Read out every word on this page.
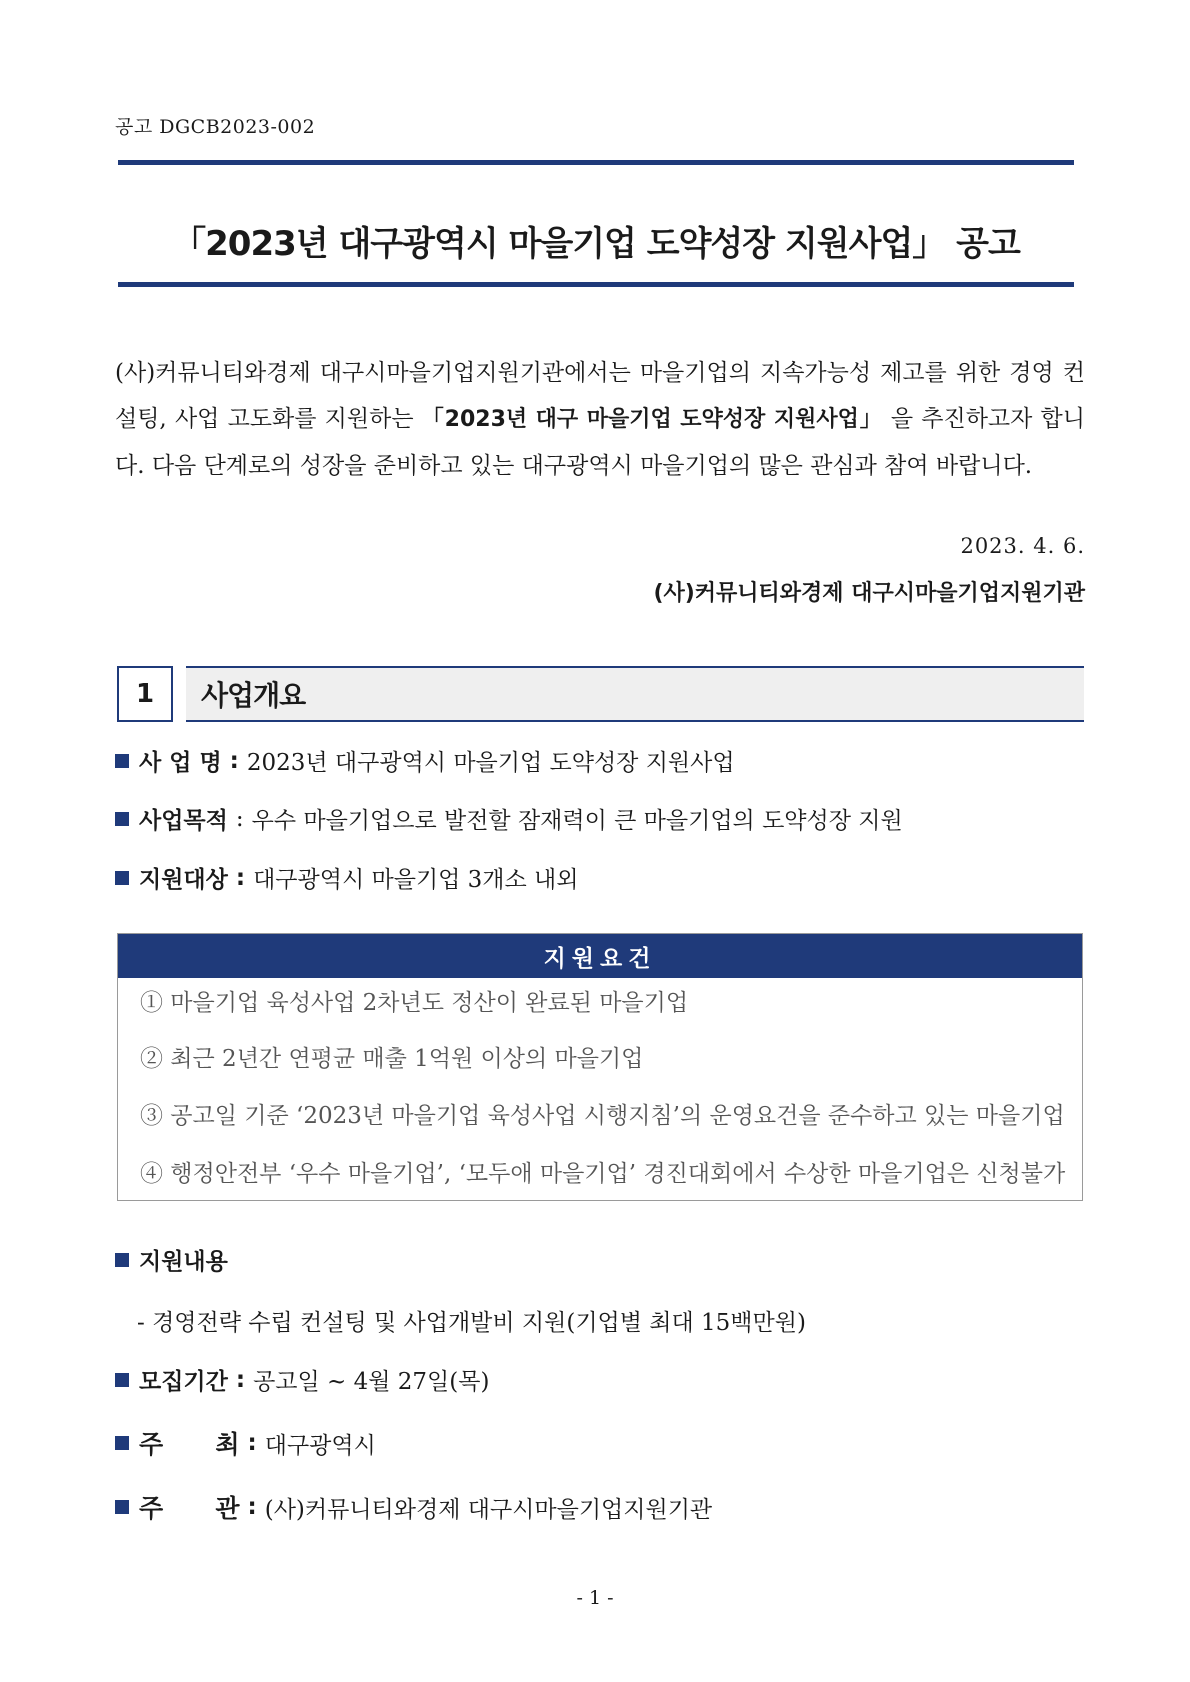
공고 DGCB2023-002
「2023년 대구광역시 마을기업 도약성장 지원사업」 공고
(사)커뮤니티와경제 대구시마을기업지원기관에서는 마을기업의 지속가능성 제고를 위한 경영 컨설팅, 사업 고도화를 지원하는 「2023년 대구 마을기업 도약성장 지원사업」 을 추진하고자 합니다. 다음 단계로의 성장을 준비하고 있는 대구광역시 마을기업의 많은 관심과 참여 바랍니다.
2023. 4. 6.
(사)커뮤니티와경제 대구시마을기업지원기관
1	사업개요
사 업 명 : 2023년 대구광역시 마을기업 도약성장 지원사업
사업목적 : 우수 마을기업으로 발전할 잠재력이 큰 마을기업의 도약성장 지원
지원대상 : 대구광역시 마을기업 3개소 내외
지원요건
① 마을기업 육성사업 2차년도 정산이 완료된 마을기업
② 최근 2년간 연평균 매출 1억원 이상의 마을기업
③ 공고일 기준 ‘2023년 마을기업 육성사업 시행지침’의 운영요건을 준수하고 있는 마을기업
④ 행정안전부 ‘우수 마을기업’, ‘모두애 마을기업’ 경진대회에서 수상한 마을기업은 신청불가
지원내용
- 경영전략 수립 컨설팅 및 사업개발비 지원(기업별 최대 15백만원)
모집기간 : 공고일 ~ 4월 27일(목)
주      최 : 대구광역시
주      관 : (사)커뮤니티와경제 대구시마을기업지원기관
- 1 -
